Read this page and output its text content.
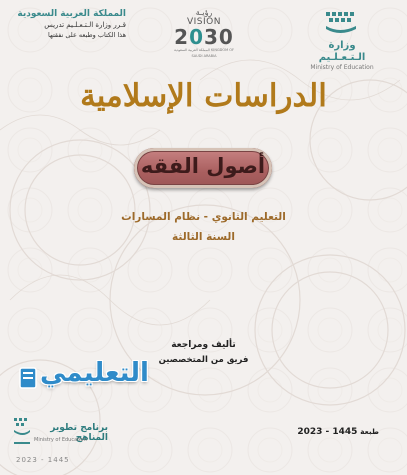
المملكة العربية السعودية
قـرر وزارة الـتـعـلـيم تدريس
هذا الكتاب وطبعه على نفقتها
رؤيـة
VISION
2030
المملكة العربية السعودية KINGDOM OF SAUDI ARABIA
وزارة الـتـعـلـيم
Ministry of Education
الدراسات الإسلامية
أصول الفقه
التعليم الثانوي - نظام المسارات
السنة الثالثة
تأليف ومراجعة
فريق من المتخصصين
التعليمي
برنامج تطوير المناهج
Ministry of Education
2023 - 1445
طبعة 1445 - 2023
